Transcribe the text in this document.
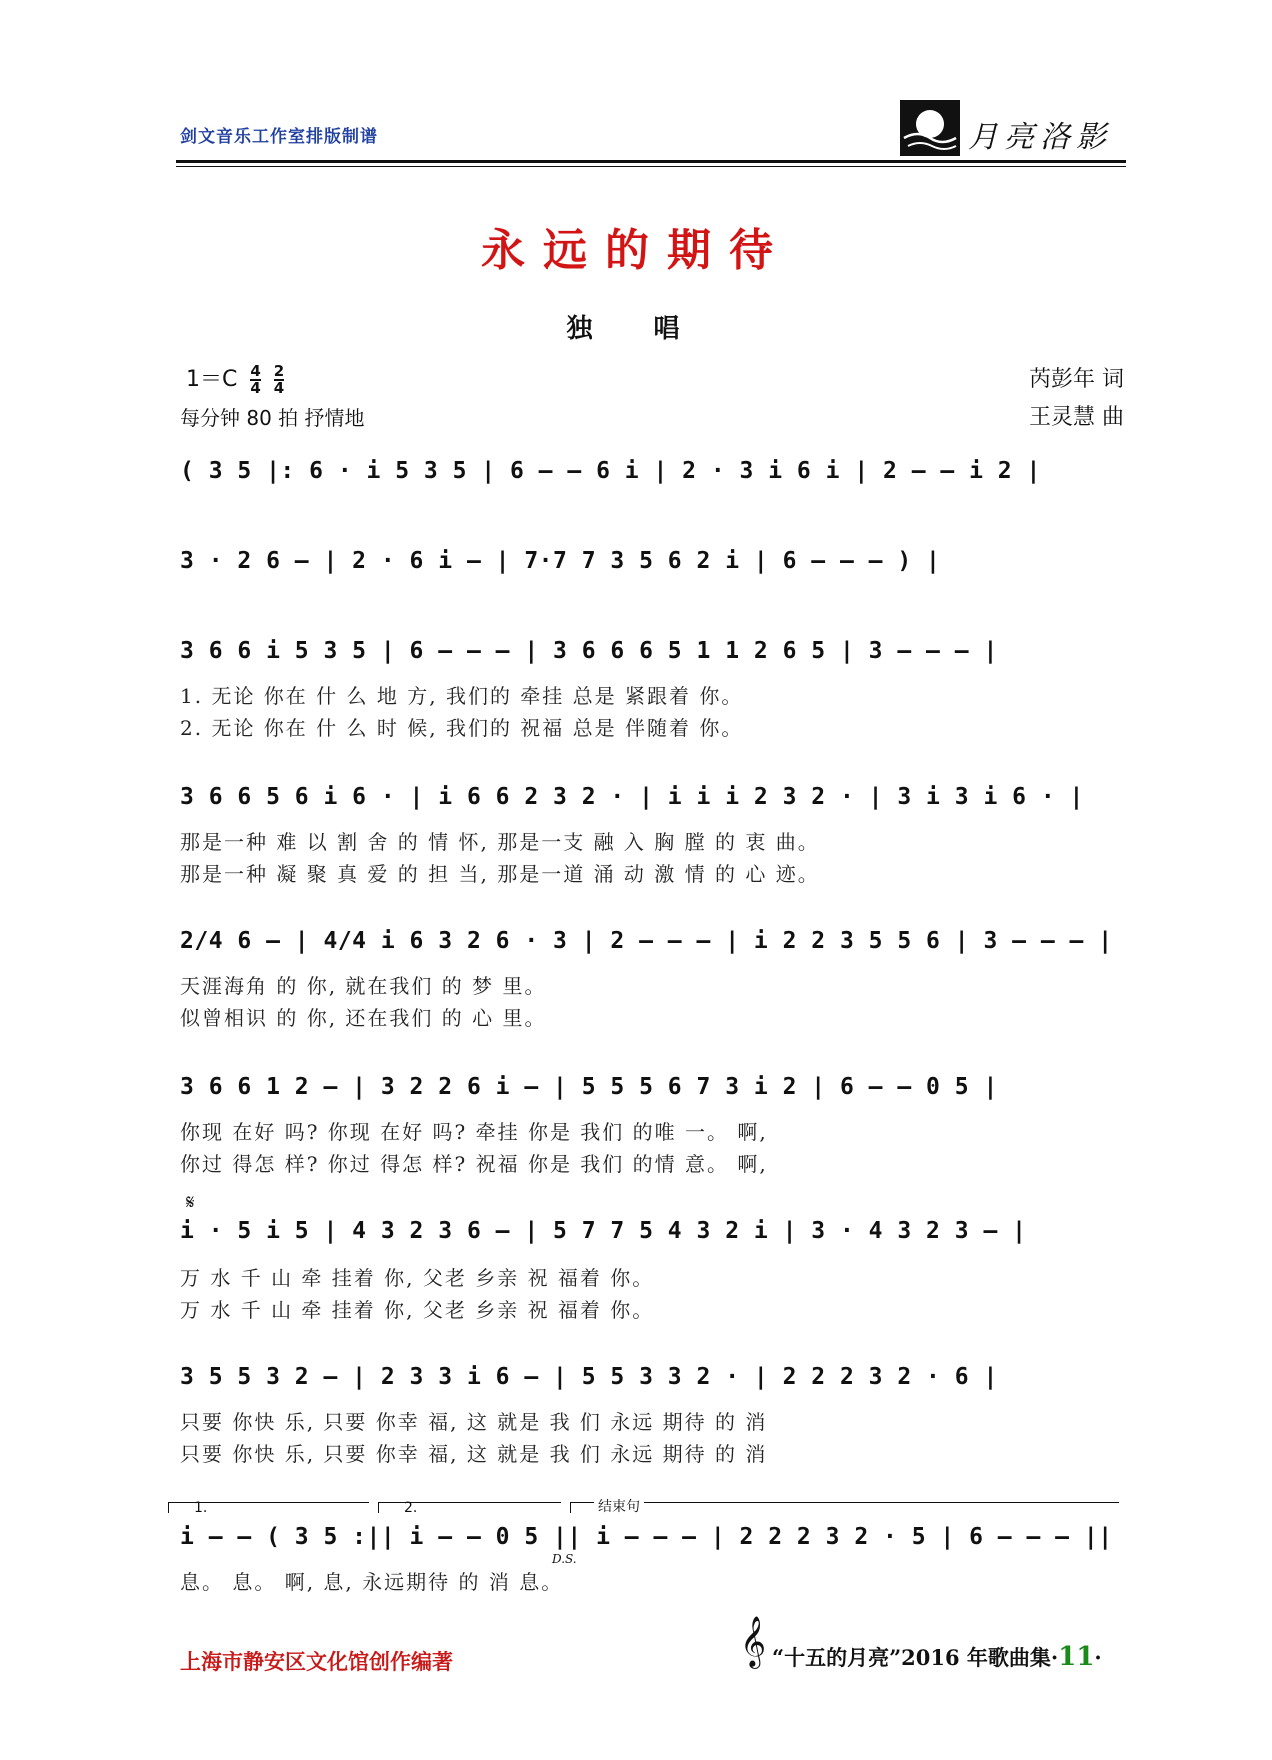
剑文音乐工作室排版制谱	月亮洛影
永远的期待
独 唱
$1=C \frac{4}{4}$
$\frac{2}{4}$
每分钟 80 拍 抒情地
芮彭年 词
王灵慧 曲
( 3 5 |: 6 · i 5 3 5 | 6 – – 6 i | 2 · 3 i 6 i | 2 – – i 2 |
3 · 2 6 – | 2 · 6 i – | 7·7 7 3 5 6 2 i | 6 – – – ) |
3 6 6 i 5 3 5 | 6 – – – | 3 6 6 6 5 1 1 2 6 5 | 3 – – – |
1. 无论 你在 什 么 地 方, 我们的 牵挂 总是 紧跟着 你。
2. 无论 你在 什 么 时 候, 我们的 祝福 总是 伴随着 你。
3 6 6 5 6 i 6 · | i 6 6 2 3 2 · | i i i 2 3 2 · | 3 i 3 i 6 · |
那是一种 难 以 割 舍 的 情 怀, 那是一支 融 入 胸 膛 的 衷 曲。
那是一种 凝 聚 真 爱 的 担 当, 那是一道 涌 动 激 情 的 心 迹。
2/4 6 – | 4/4 i 6 3 2 6 · 3 | 2 – – – | i 2 2 3 5 5 6 | 3 – – – |
天涯海角 的 你, 就在我们 的 梦 里。
似曾相识 的 你, 还在我们 的 心 里。
3 6 6 1 2 – | 3 2 2 6 i – | 5 5 5 6 7 3 i 2 | 6 – – 0 5 |
你现 在好 吗? 你现 在好 吗? 牵挂 你是 我们 的唯 一。 啊,
你过 得怎 样? 你过 得怎 样? 祝福 你是 我们 的情 意。 啊,
𝄋
i · 5 i 5 | 4 3 2 3 6 – | 5 7 7 5 4 3 2 i | 3 · 4 3 2 3 – |
万 水 千 山 牵 挂着 你, 父老 乡亲 祝 福着 你。
万 水 千 山 牵 挂着 你, 父老 乡亲 祝 福着 你。
3 5 5 3 2 – | 2 3 3 i 6 – | 5 5 3 3 2 · | 2 2 2 3 2 · 6 |
只要 你快 乐, 只要 你幸 福, 这 就是 我 们 永远 期待 的 消
只要 你快 乐, 只要 你幸 福, 这 就是 我 们 永远 期待 的 消
1.	2.	结束句
i – – ( 3 5 :|| i – – 0 5 || i – – – | 2 2 2 3 2 · 5 | 6 – – – ||
D.S.
息。 息。 啊, 息, 永远期待 的 消 息。
上海市静安区文化馆创作编著	𝄞 “十五的月亮”2016 年歌曲集·11·
